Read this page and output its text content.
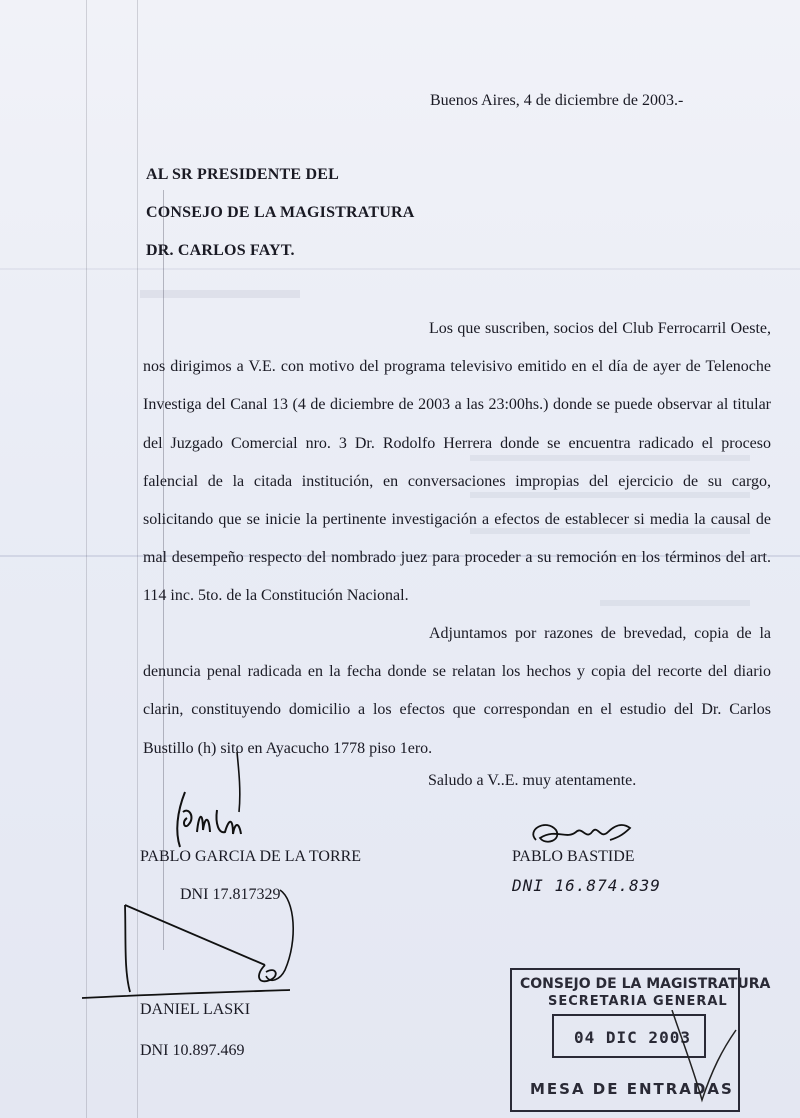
Buenos Aires, 4 de diciembre de 2003.-
AL SR PRESIDENTE DEL
CONSEJO DE LA MAGISTRATURA
DR. CARLOS FAYT.

Los que suscriben, socios del Club Ferrocarril Oeste, nos dirigimos a V.E. con motivo del programa televisivo emitido en el día de ayer de Telenoche Investiga del Canal 13 (4 de diciembre de 2003 a las 23:00hs.) donde se puede observar al titular del Juzgado Comercial nro. 3 Dr. Rodolfo Herrera donde se encuentra radicado el proceso falencial de la citada institución, en conversaciones impropias del ejercicio de su cargo, solicitando que se inicie la pertinente investigación a efectos de establecer si media la causal de mal desempeño respecto del nombrado juez para proceder a su remoción en los términos del art. 114 inc. 5to. de la Constitución Nacional.

Adjuntamos por razones de brevedad, copia de la denuncia penal radicada en la fecha donde se relatan los hechos y copia del recorte del diario clarin, constituyendo domicilio a los efectos que correspondan en el estudio del Dr. Carlos Bustillo (h) sito en Ayacucho 1778 piso 1ero.

Saludo a V..E. muy atentamente.
PABLO GARCIA DE LA TORRE
DNI 17.817329
PABLO BASTIDE
DNI 16.874.839
DANIEL LASKI
DNI 10.897.469
CONSEJO DE LA MAGISTRATURA
SECRETARIA GENERAL
04 DIC 2003
MESA DE ENTRADAS
